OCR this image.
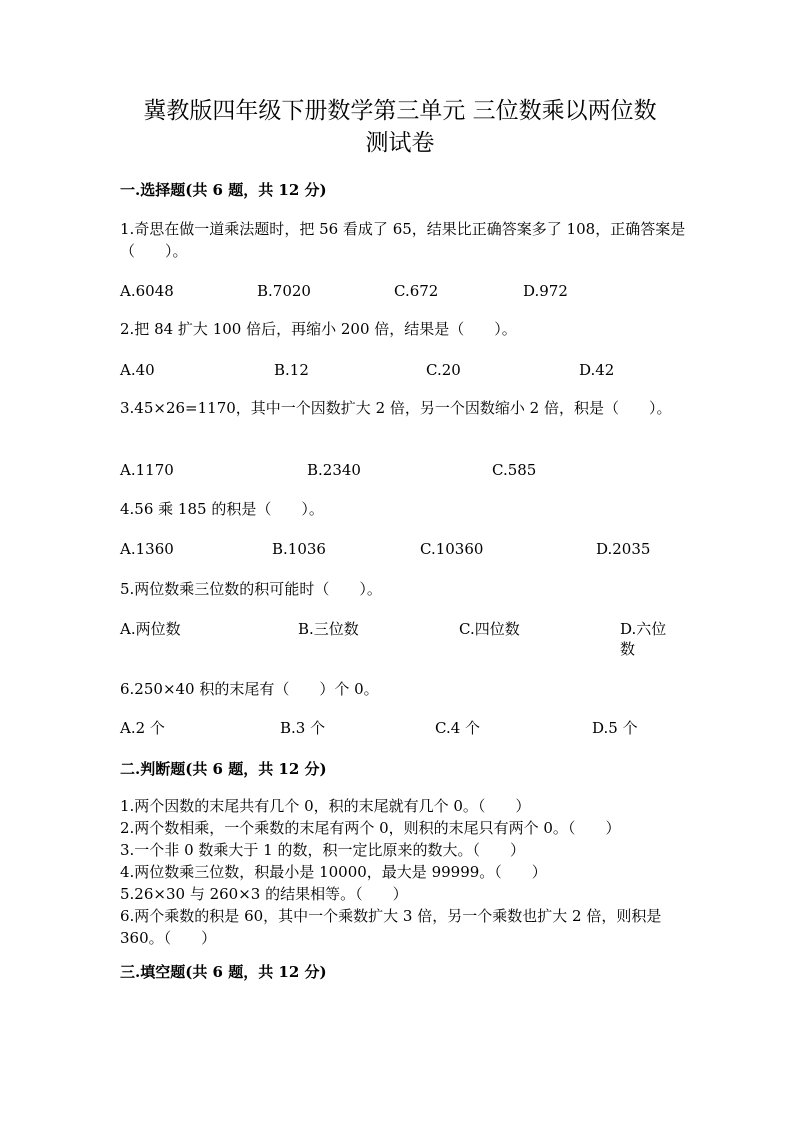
冀教版四年级下册数学第三单元 三位数乘以两位数
测试卷
一.选择题(共 6 题，共 12 分)
1.奇思在做一道乘法题时，把 56 看成了 65，结果比正确答案多了 108，正确答案是（　　）。
A.6048	B.7020	C.672	D.972
2.把 84 扩大 100 倍后，再缩小 200 倍，结果是（　　）。
A.40	B.12	C.20	D.42
3.45×26=1170，其中一个因数扩大 2 倍，另一个因数缩小 2 倍，积是（　　）。
A.1170	B.2340	C.585
4.56 乘 185 的积是（　　）。
A.1360	B.1036	C.10360	D.2035
5.两位数乘三位数的积可能时（　　）。
A.两位数	B.三位数	C.四位数	D.六位数
6.250×40 积的末尾有（　　）个 0。
A.2 个	B.3 个	C.4 个	D.5 个
二.判断题(共 6 题，共 12 分)
1.两个因数的末尾共有几个 0，积的末尾就有几个 0。（　　）
2.两个数相乘，一个乘数的末尾有两个 0，则积的末尾只有两个 0。（　　）
3.一个非 0 数乘大于 1 的数，积一定比原来的数大。（　　）
4.两位数乘三位数，积最小是 10000，最大是 99999。（　　）
5.26×30 与 260×3 的结果相等。（　　）
6.两个乘数的积是 60，其中一个乘数扩大 3 倍，另一个乘数也扩大 2 倍，则积是 360。（　　）
三.填空题(共 6 题，共 12 分)
